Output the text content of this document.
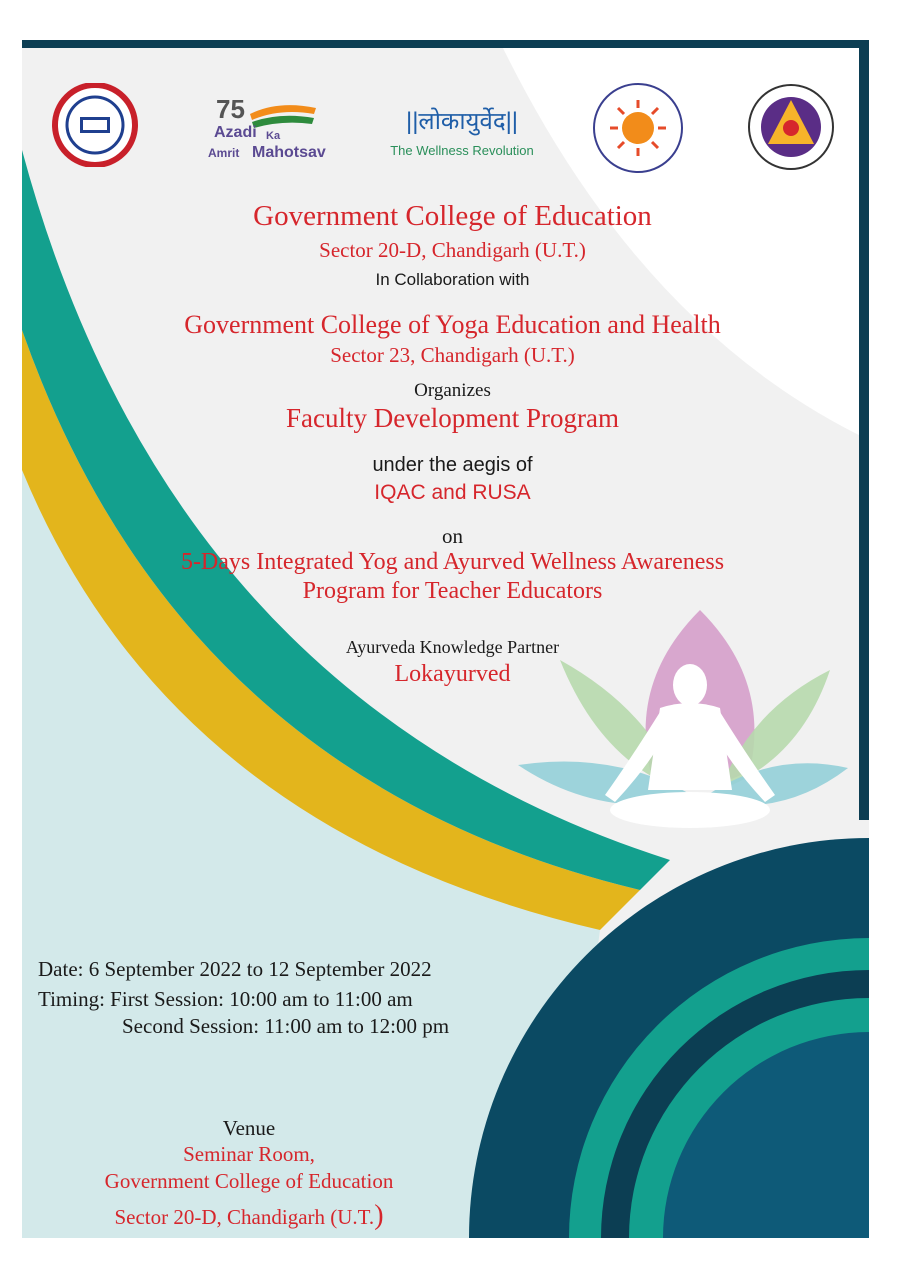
75
Azadi Ka
Amrit Mahotsav
||लोकायुर्वेद||
The Wellness Revolution

Government College of Education

Sector 20-D, Chandigarh (U.T.)

In Collaboration with

Government College of Yoga Education and Health

Sector 23, Chandigarh (U.T.)

Organizes

Faculty Development Program

under the aegis of

IQAC and RUSA

on

5-Days Integrated Yog and Ayurved Wellness Awareness

Program for Teacher Educators

Ayurveda Knowledge Partner

Lokayurved

Date: 6 September 2022 to 12 September 2022

Timing: First Session: 10:00 am to 11:00 am

Second Session: 11:00 am to 12:00 pm

Venue

Seminar Room,

Government College of Education

Sector 20-D, Chandigarh (U.T.)
